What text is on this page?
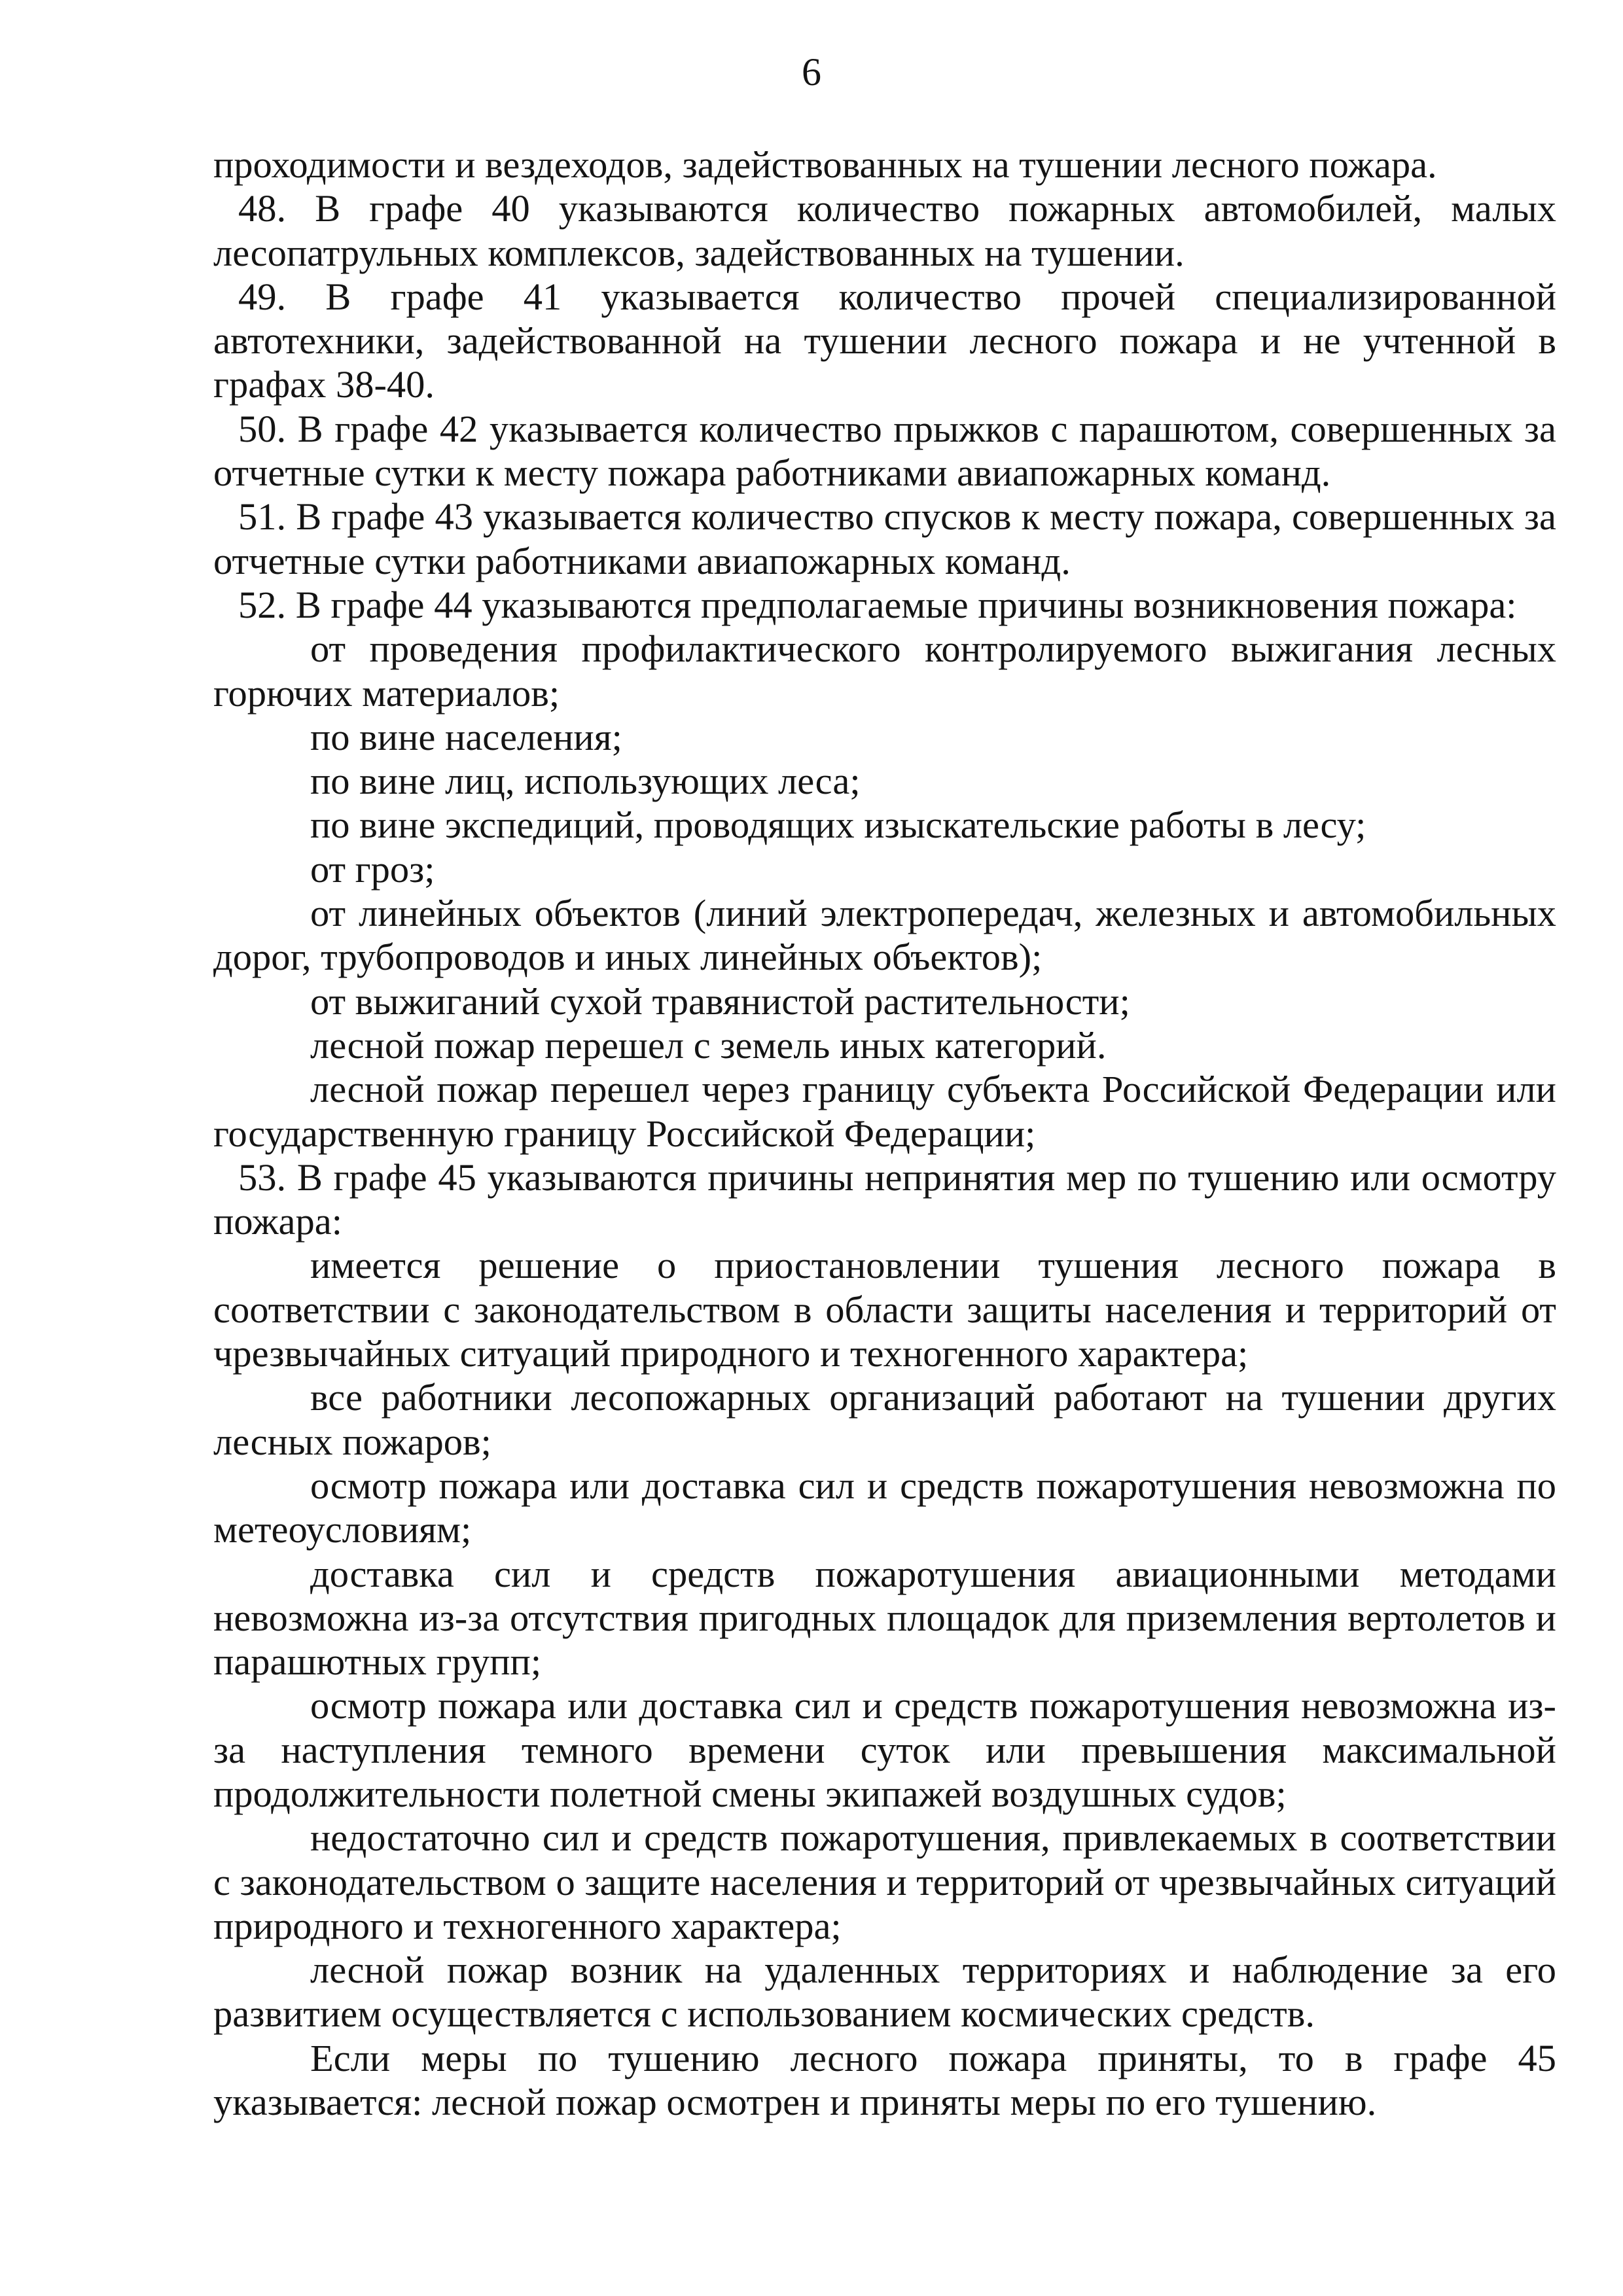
6

проходимости и вездеходов, задействованных на тушении лесного пожара.

48. В графе 40 указываются количество пожарных автомобилей, малых лесопатрульных комплексов, задействованных на тушении.

49. В графе 41 указывается количество прочей специализированной автотехники, задействованной на тушении лесного пожара и не учтенной в графах 38-40.

50. В графе 42 указывается количество прыжков с парашютом, совершенных за отчетные сутки к месту пожара работниками авиапожарных команд.

51. В графе 43 указывается количество спусков к месту пожара, совершенных за отчетные сутки работниками авиапожарных команд.

52. В графе 44 указываются предполагаемые причины возникновения пожара:

от проведения профилактического контролируемого выжигания лесных горючих материалов;

по вине населения;

по вине лиц, использующих леса;

по вине экспедиций, проводящих изыскательские работы в лесу;

от гроз;

от линейных объектов (линий электропередач, железных и автомобильных дорог, трубопроводов и иных линейных объектов);

от выжиганий сухой травянистой растительности;

лесной пожар перешел с земель иных категорий.

лесной пожар перешел через границу субъекта Российской Федерации или государственную границу Российской Федерации;

53. В графе 45 указываются причины непринятия мер по тушению или осмотру пожара:

имеется решение о приостановлении тушения лесного пожара в соответствии с законодательством в области защиты населения и территорий от чрезвычайных ситуаций природного и техногенного характера;

все работники лесопожарных организаций работают на тушении других лесных пожаров;

осмотр пожара или доставка сил и средств пожаротушения невозможна по метеоусловиям;

доставка сил и средств пожаротушения авиационными методами невозможна из-за отсутствия пригодных площадок для приземления вертолетов и парашютных групп;

осмотр пожара или доставка сил и средств пожаротушения невозможна из-за наступления темного времени суток или превышения максимальной продолжительности полетной смены экипажей воздушных судов;

недостаточно сил и средств пожаротушения, привлекаемых в соответствии с законодательством о защите населения и территорий от чрезвычайных ситуаций природного и техногенного характера;

лесной пожар возник на удаленных территориях и наблюдение за его развитием осуществляется с использованием космических средств.

Если меры по тушению лесного пожара приняты, то в графе 45 указывается: лесной пожар осмотрен и приняты меры по его тушению.
